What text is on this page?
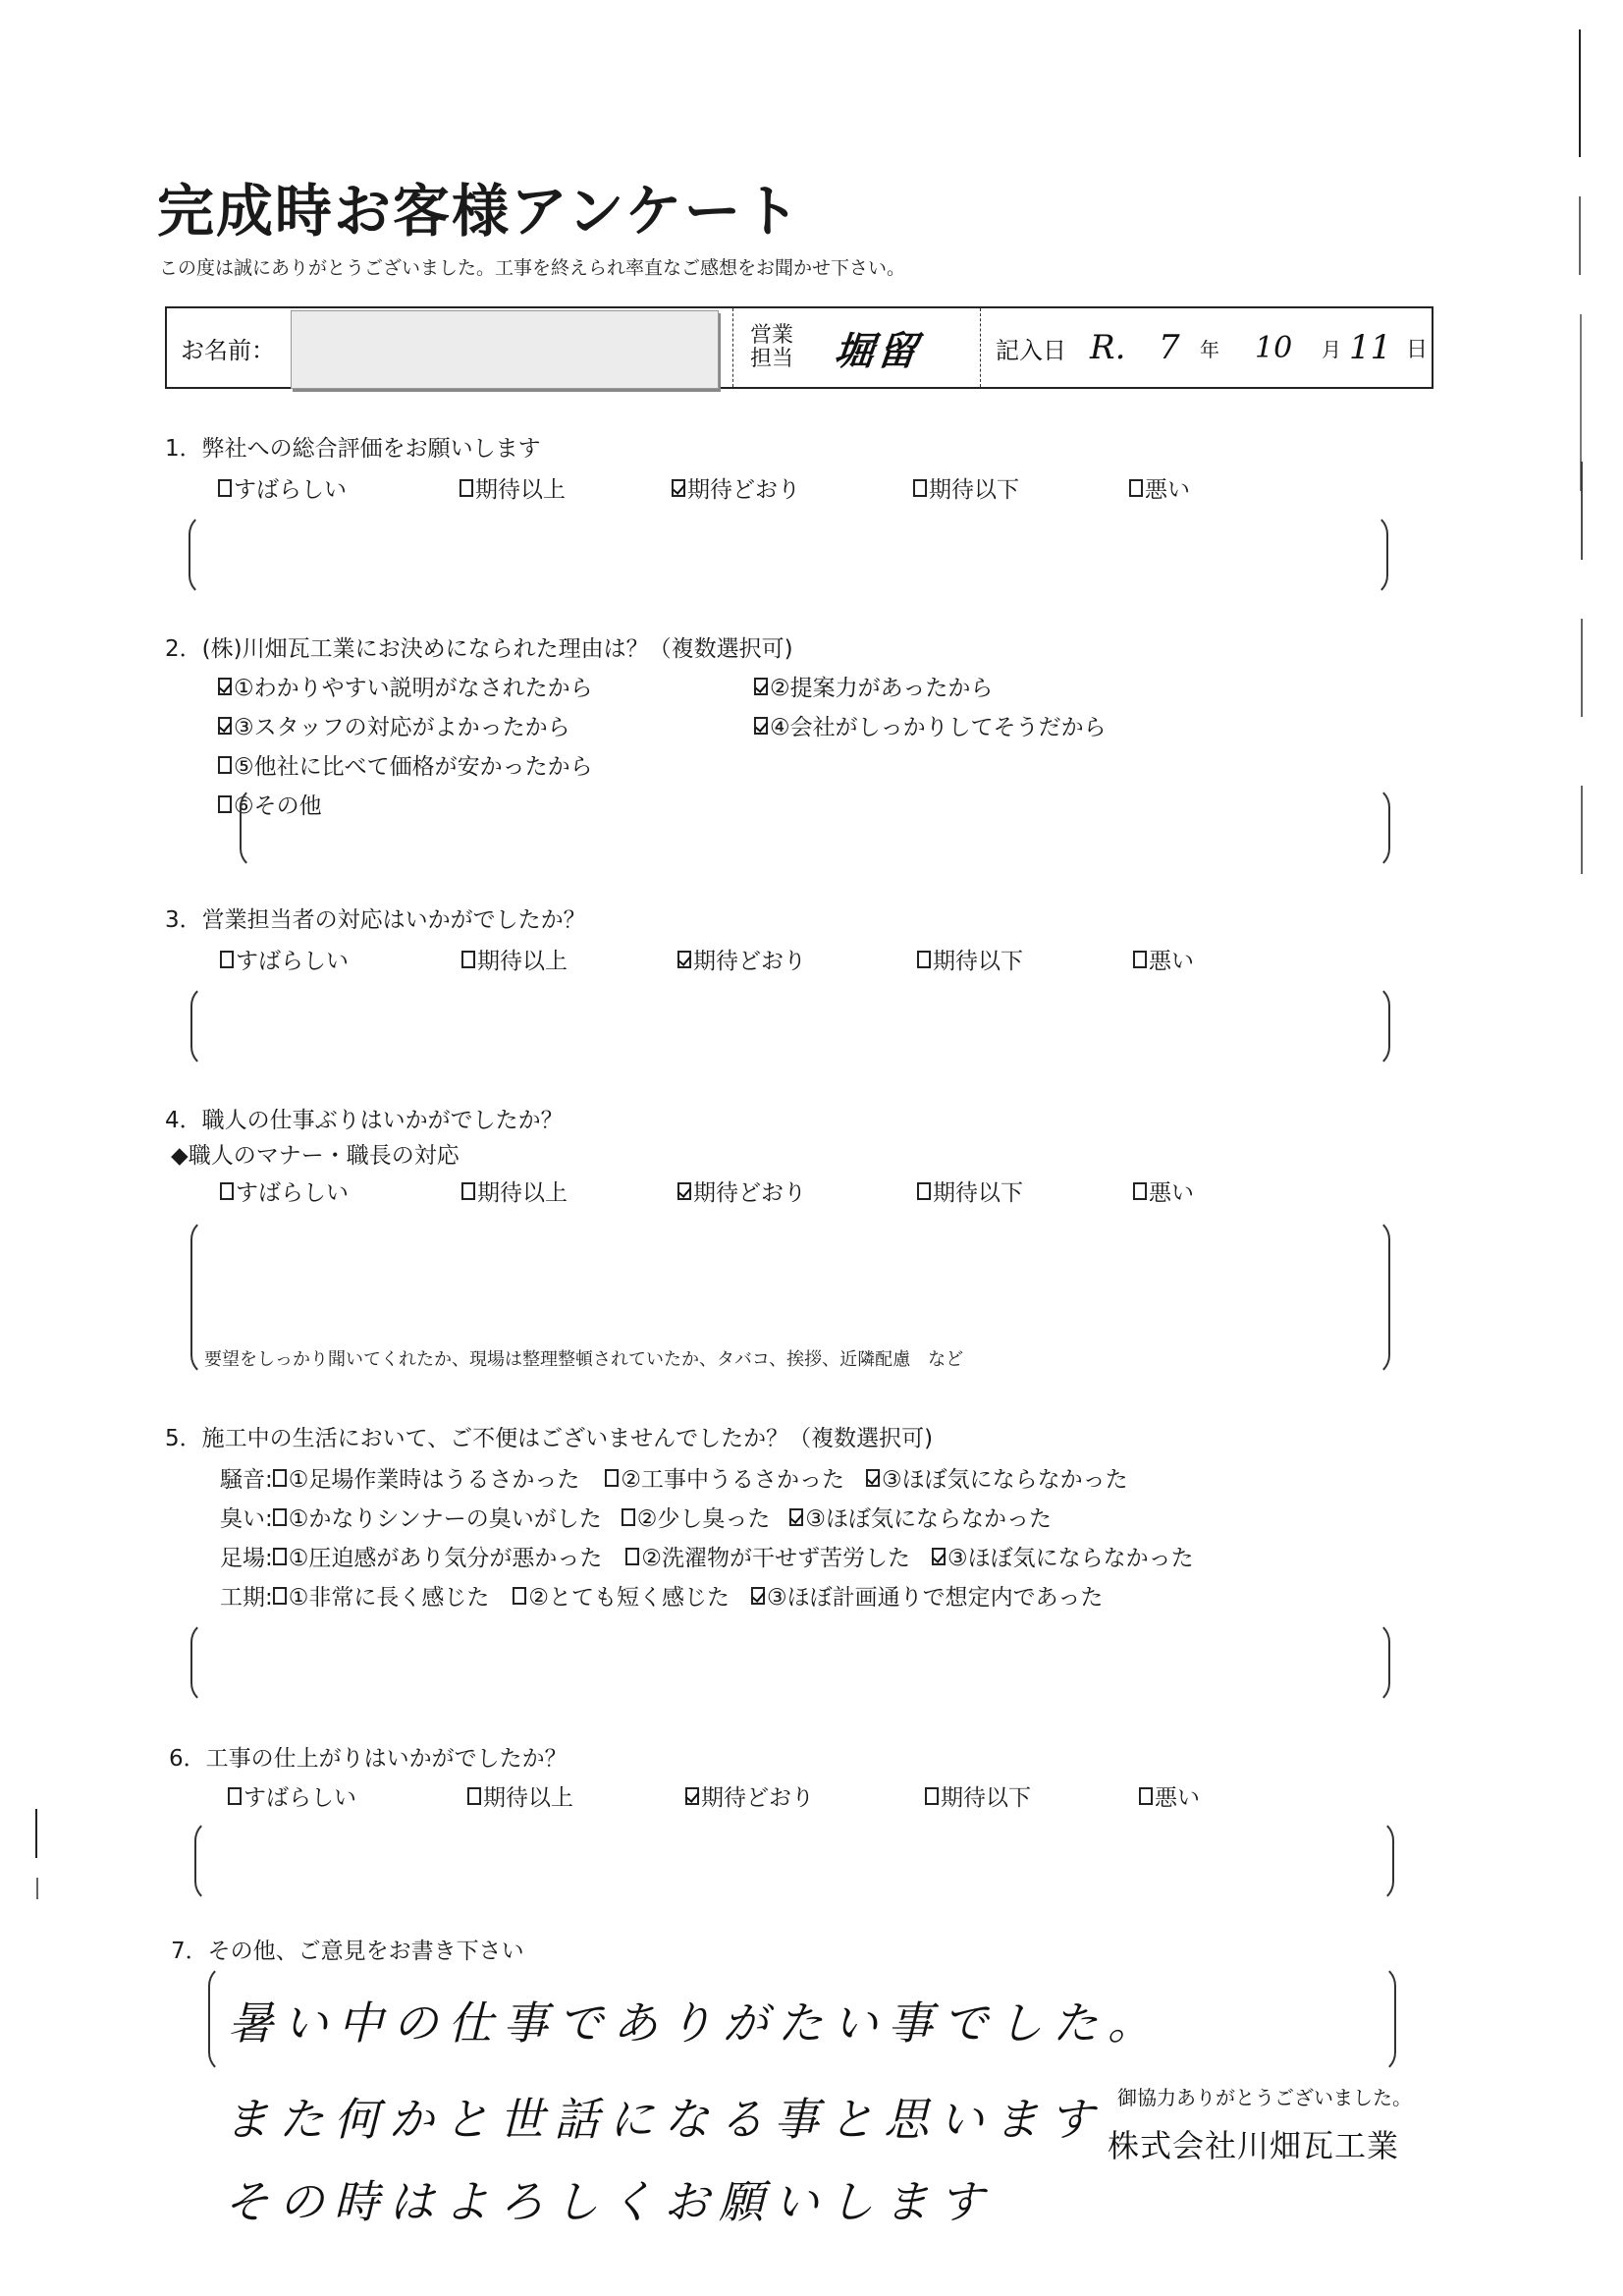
完成時お客様アンケート
この度は誠にありがとうございました。工事を終えられ率直なご感想をお聞かせ下さい。
お名前：
営業
担当 堀留	記入日 R. 7 年 10 月 11 日
1．弊社への総合評価をお願いします
すばらしい	期待以上	期待どおり	期待以下	悪い
2．(株)川畑瓦工業にお決めになられた理由は？（複数選択可)
①わかりやすい説明がなされたから	②提案力があったから
③スタッフの対応がよかったから	④会社がしっかりしてそうだから
⑤他社に比べて価格が安かったから
⑥その他
3．営業担当者の対応はいかがでしたか？
すばらしい	期待以上	期待どおり	期待以下	悪い
4．職人の仕事ぶりはいかがでしたか？
◆職人のマナー・職長の対応
すばらしい	期待以上	期待どおり	期待以下	悪い
要望をしっかり聞いてくれたか、現場は整理整頓されていたか、タバコ、挨拶、近隣配慮　など
5．施工中の生活において、ご不便はございませんでしたか？（複数選択可)
騒音: ①足場作業時はうるさかった ②工事中うるさかった ③ほぼ気にならなかった
臭い: ①かなりシンナーの臭いがした ②少し臭った ③ほぼ気にならなかった
足場: ①圧迫感があり気分が悪かった ②洗濯物が干せず苦労した ③ほぼ気にならなかった
工期: ①非常に長く感じた ②とても短く感じた ③ほぼ計画通りで想定内であった
6．工事の仕上がりはいかがでしたか？
すばらしい	期待以上	期待どおり	期待以下	悪い
7．その他、ご意見をお書き下さい
暑い中の仕事でありがたい事でした。
また何かと世話になる事と思います
その時はよろしくお願いします
御協力ありがとうございました。
株式会社川畑瓦工業
